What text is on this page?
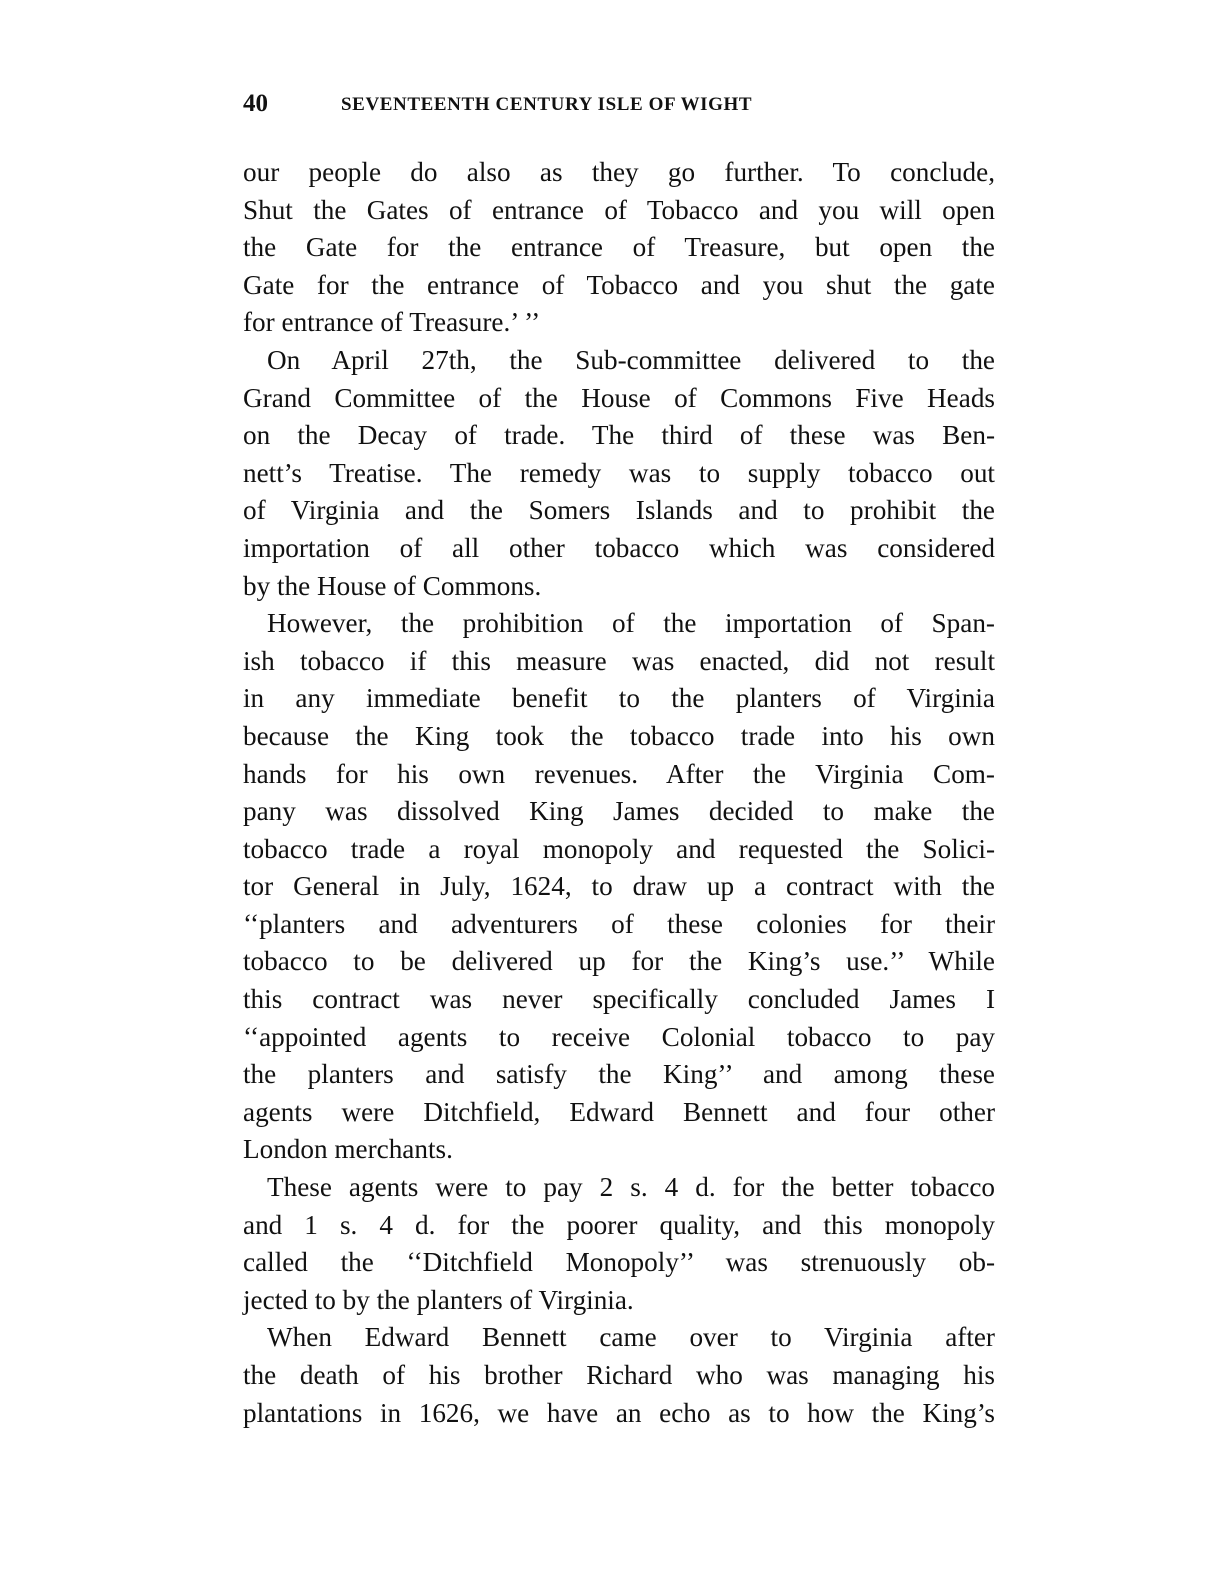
40	SEVENTEENTH CENTURY ISLE OF WIGHT
our people do also as they go further. To conclude,
Shut the Gates of entrance of Tobacco and you will open
the Gate for the entrance of Treasure, but open the
Gate for the entrance of Tobacco and you shut the gate
for entrance of Treasure.’ ’’
On April 27th, the Sub-committee delivered to the
Grand Committee of the House of Commons Five Heads
on the Decay of trade. The third of these was Ben-
nett’s Treatise. The remedy was to supply tobacco out
of Virginia and the Somers Islands and to prohibit the
importation of all other tobacco which was considered
by the House of Commons.
However, the prohibition of the importation of Span-
ish tobacco if this measure was enacted, did not result
in any immediate benefit to the planters of Virginia
because the King took the tobacco trade into his own
hands for his own revenues. After the Virginia Com-
pany was dissolved King James decided to make the
tobacco trade a royal monopoly and requested the Solici-
tor General in July, 1624, to draw up a contract with the
‘‘planters and adventurers of these colonies for their
tobacco to be delivered up for the King’s use.’’ While
this contract was never specifically concluded James I
‘‘appointed agents to receive Colonial tobacco to pay
the planters and satisfy the King’’ and among these
agents were Ditchfield, Edward Bennett and four other
London merchants.
These agents were to pay 2 s. 4 d. for the better tobacco
and 1 s. 4 d. for the poorer quality, and this monopoly
called the ‘‘Ditchfield Monopoly’’ was strenuously ob-
jected to by the planters of Virginia.
When Edward Bennett came over to Virginia after
the death of his brother Richard who was managing his
plantations in 1626, we have an echo as to how the King’s
